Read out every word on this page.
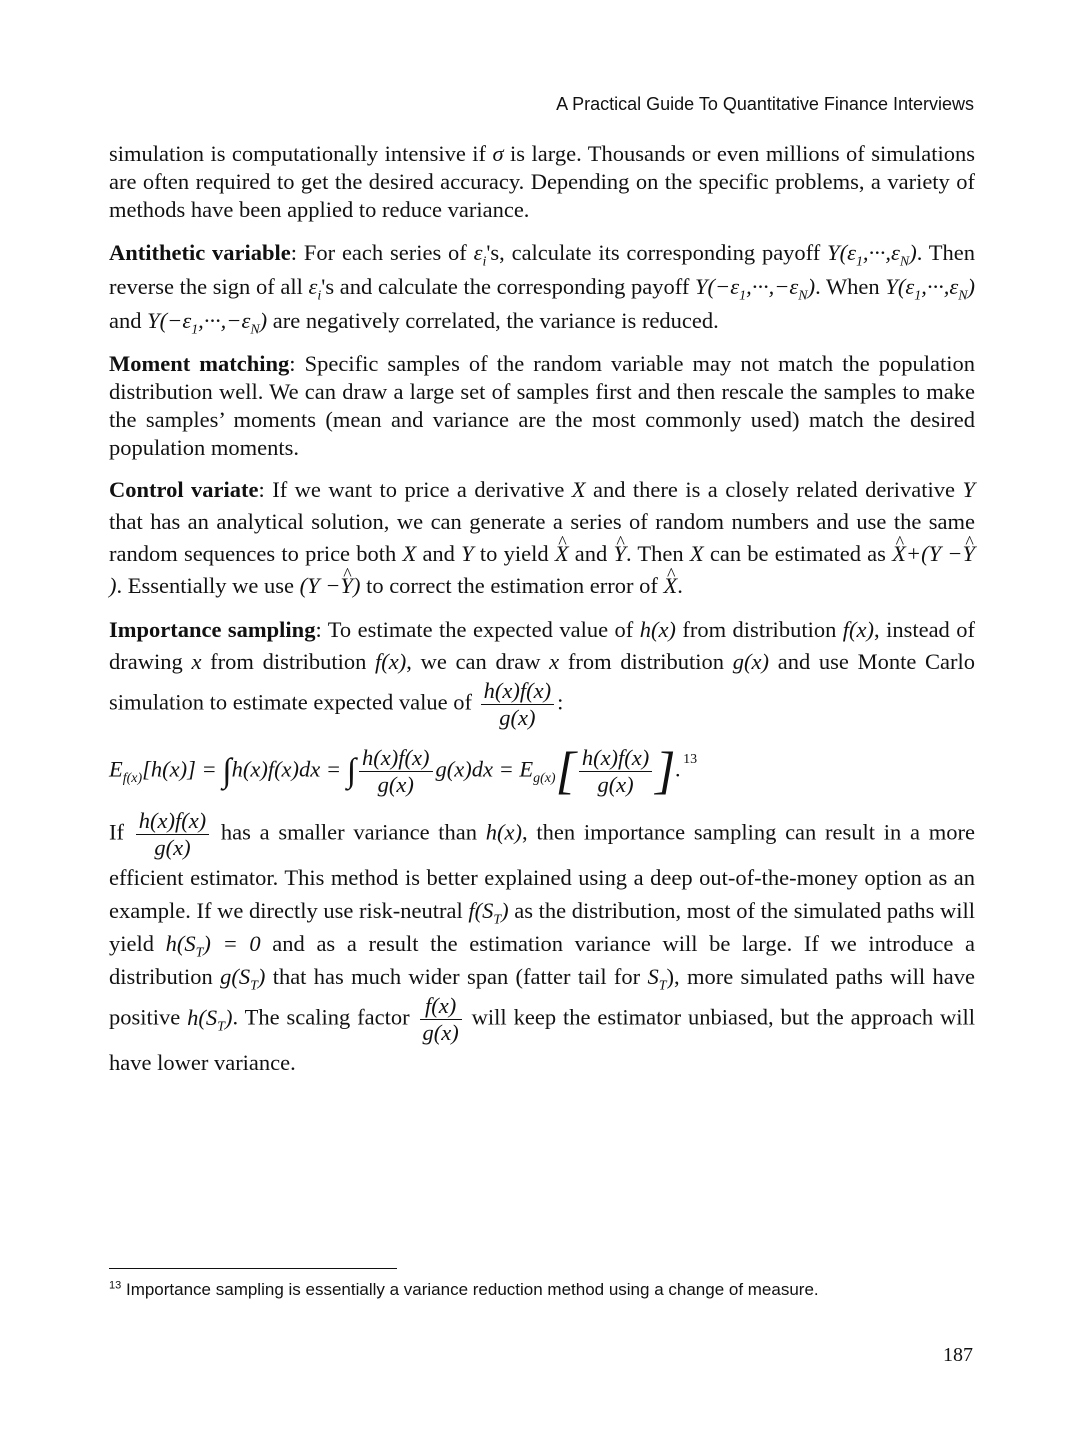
A Practical Guide To Quantitative Finance Interviews

simulation is computationally intensive if σ is large. Thousands or even millions of simulations are often required to get the desired accuracy. Depending on the specific problems, a variety of methods have been applied to reduce variance.

Antithetic variable: For each series of $\varepsilon_i's$, calculate its corresponding payoff $Y(\varepsilon_1,\cdot\cdot\cdot,\varepsilon_N)$. Then reverse the sign of all $\varepsilon_i's$ and calculate the corresponding payoff $Y(-\varepsilon_1,\cdot\cdot\cdot,-\varepsilon_N)$. When $Y(\varepsilon_1,\cdot\cdot\cdot,\varepsilon_N)$ and $Y(-\varepsilon_1,\cdot\cdot\cdot,-\varepsilon_N)$ are negatively correlated, the variance is reduced.

Moment matching: Specific samples of the random variable may not match the population distribution well. We can draw a large set of samples first and then rescale the samples to make the samples’ moments (mean and variance are the most commonly used) match the desired population moments.

Control variate: If we want to price a derivative X and there is a closely related derivative Y that has an analytical solution, we can generate a series of random numbers and use the same random sequences to price both X and Y to yield ^ X and ^ Y. Then X can be estimated as ^ X+(Y −^ Y). Essentially we use (Y −^ Y) to correct the estimation error of ^ X.

Importance sampling: To estimate the expected value of h(x) from distribution f(x), instead of drawing x from distribution f(x), we can draw x from distribution g(x) and use Monte Carlo simulation to estimate expected value of $\frac{h(x)f(x)}{g(x)}$ :

$E_{f(x)}[h(x)] = \int h(x)f(x)dx$ = ∫ $\frac{h(x)f(x)}{g(x)} g(x)dx = E_{g(x)}[ \frac{h(x)f(x)}{g(x)}$ ]. $^{13}$

If $\frac{h(x)f(x)}{g(x)}$ has a smaller variance than h(x), then importance sampling can result in a more efficient estimator. This method is better explained using a deep out-of-the-money option as an example. If we directly use risk-neutral $f(S_T)$ as the distribution, most of the simulated paths will yield $h(S_T) = 0$ and as a result the estimation variance will be large. If we introduce a distribution $g(S_T)$ that has much wider span (fatter tail for $S_T$), more simulated paths will have positive $h(S_T)$. The scaling factor $\frac{f(x)}{g(x)}$ will keep the estimator unbiased, but the approach will have lower variance.

$^{13}$ Importance sampling is essentially a variance reduction method using a change of measure.
187
